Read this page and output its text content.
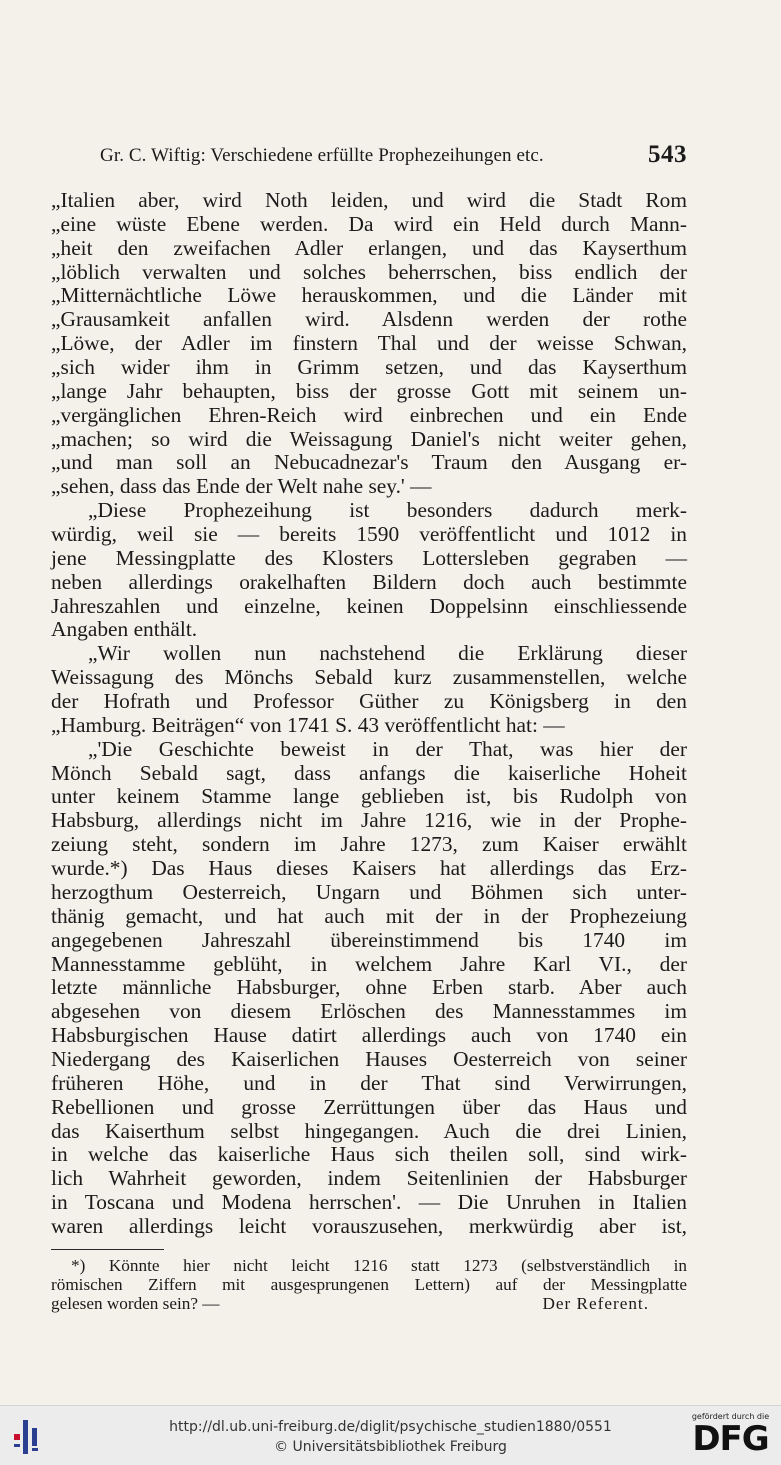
Gr. C. Wiftig: Verschiedene erfüllte Prophezeihungen etc.	543
„Italien aber, wird Noth leiden, und wird die Stadt Rom
„eine wüste Ebene werden. Da wird ein Held durch Mann-
„heit den zweifachen Adler erlangen, und das Kayserthum
„löblich verwalten und solches beherrschen, biss endlich der
„Mitternächtliche Löwe herauskommen, und die Länder mit
„Grausamkeit anfallen wird. Alsdenn werden der rothe
„Löwe, der Adler im finstern Thal und der weisse Schwan,
„sich wider ihm in Grimm setzen, und das Kayserthum
„lange Jahr behaupten, biss der grosse Gott mit seinem un-
„vergänglichen Ehren-Reich wird einbrechen und ein Ende
„machen; so wird die Weissagung Daniel's nicht weiter gehen,
„und man soll an Nebucadnezar's Traum den Ausgang er-
„sehen, dass das Ende der Welt nahe sey.' —
„Diese Prophezeihung ist besonders dadurch merk-
würdig, weil sie — bereits 1590 veröffentlicht und 1012 in
jene Messingplatte des Klosters Lottersleben gegraben —
neben allerdings orakelhaften Bildern doch auch bestimmte
Jahreszahlen und einzelne, keinen Doppelsinn einschliessende
Angaben enthält.
„Wir wollen nun nachstehend die Erklärung dieser
Weissagung des Mönchs Sebald kurz zusammenstellen, welche
der Hofrath und Professor Güther zu Königsberg in den
„Hamburg. Beiträgen“ von 1741 S. 43 veröffentlicht hat: —
„'Die Geschichte beweist in der That, was hier der
Mönch Sebald sagt, dass anfangs die kaiserliche Hoheit
unter keinem Stamme lange geblieben ist, bis Rudolph von
Habsburg, allerdings nicht im Jahre 1216, wie in der Prophe-
zeiung steht, sondern im Jahre 1273, zum Kaiser erwählt
wurde.*) Das Haus dieses Kaisers hat allerdings das Erz-
herzogthum Oesterreich, Ungarn und Böhmen sich unter-
thänig gemacht, und hat auch mit der in der Prophezeiung
angegebenen Jahreszahl übereinstimmend bis 1740 im
Mannesstamme geblüht, in welchem Jahre Karl VI., der
letzte männliche Habsburger, ohne Erben starb. Aber auch
abgesehen von diesem Erlöschen des Mannesstammes im
Habsburgischen Hause datirt allerdings auch von 1740 ein
Niedergang des Kaiserlichen Hauses Oesterreich von seiner
früheren Höhe, und in der That sind Verwirrungen,
Rebellionen und grosse Zerrüttungen über das Haus und
das Kaiserthum selbst hingegangen. Auch die drei Linien,
in welche das kaiserliche Haus sich theilen soll, sind wirk-
lich Wahrheit geworden, indem Seitenlinien der Habsburger
in Toscana und Modena herrschen'. — Die Unruhen in Italien
waren allerdings leicht vorauszusehen, merkwürdig aber ist,
*) Könnte hier nicht leicht 1216 statt 1273 (selbstverständlich in
römischen Ziffern mit ausgesprungenen Lettern) auf der Messingplatte
gelesen worden sein? —	Der Referent.
http://dl.ub.uni-freiburg.de/diglit/psychische_studien1880/0551
© Universitätsbibliothek Freiburg
gefördert durch die
DFG
